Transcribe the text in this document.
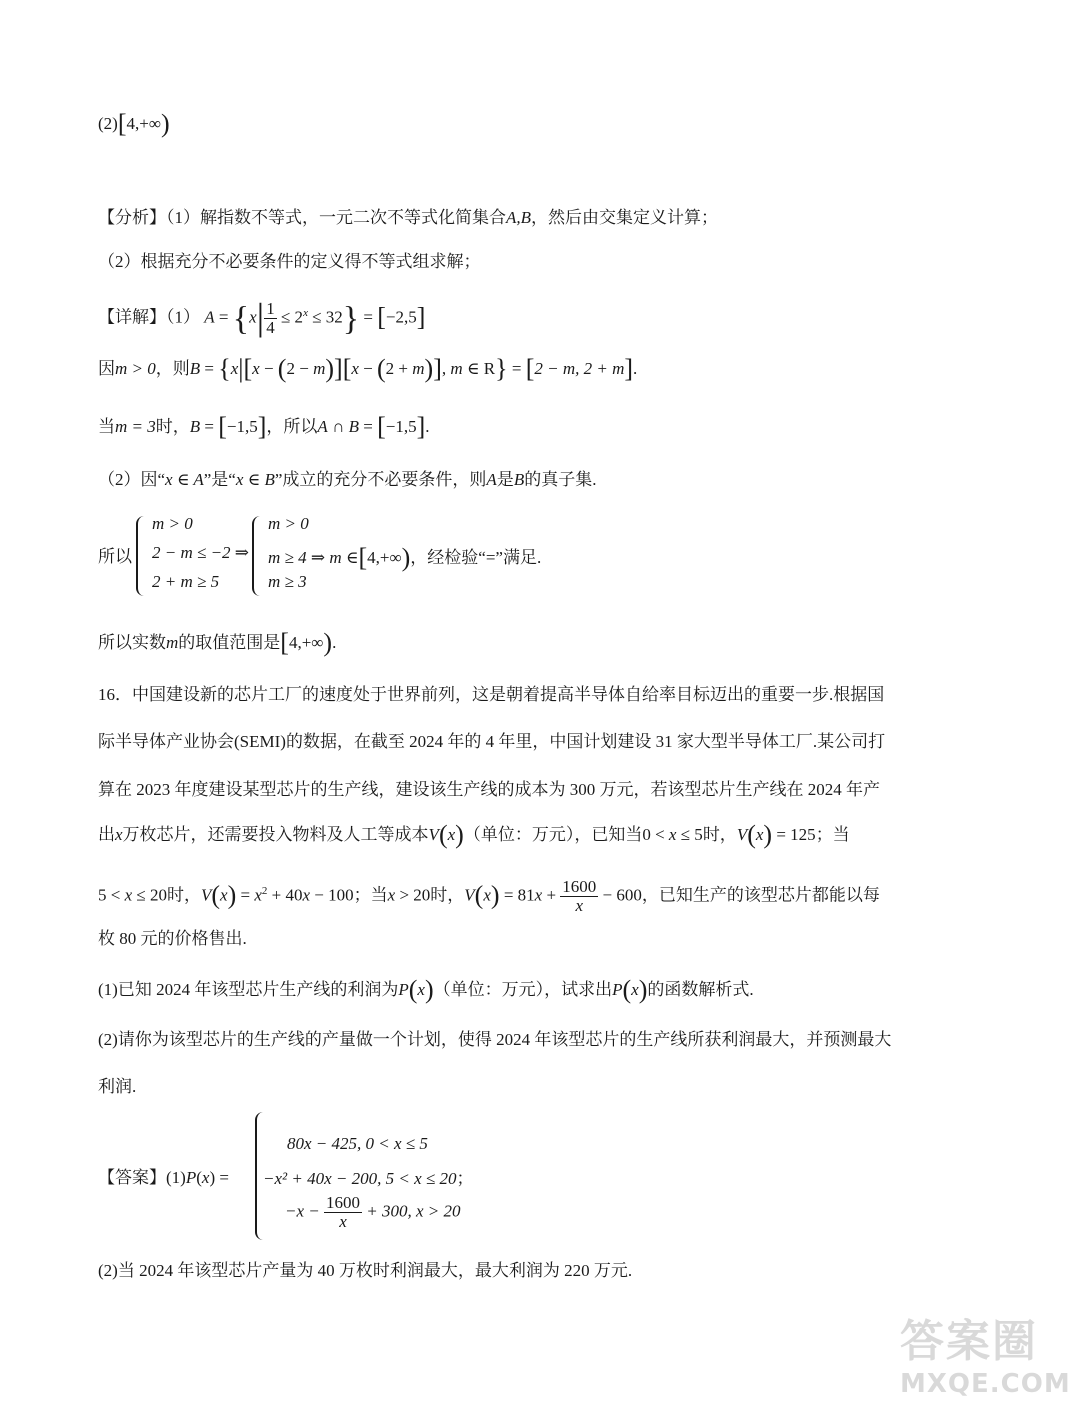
(2)[4,+∞)
【分析】（1）解指数不等式，一元二次不等式化简集合A,B，然后由交集定义计算；
（2）根据充分不必要条件的定义得不等式组求解；
【详解】（1） $A = \{x| \frac{1}{4} \le 2^x \le 32\} = [-2,5]$
因m > 0，则B = {x|[x − (2 − m)][x − (2 + m)], m ∈ R} = [2 − m, 2 + m].
当m = 3时，B = [−1,5]，所以A ∩ B = [−1,5].
（2）因“x ∈ A”是“x ∈ B”成立的充分不必要条件，则A是B的真子集.
所以
m > 0
2 − m ≤ −2 ⇒
2 + m ≥ 5
m > 0
m ≥ 4 ⇒ m ∈[4,+∞)，经检验“=”满足.
m ≥ 3
所以实数m的取值范围是[4,+∞).
16．中国建设新的芯片工厂的速度处于世界前列，这是朝着提高半导体自给率目标迈出的重要一步.根据国
际半导体产业协会(SEMI)的数据，在截至 2024 年的 4 年里，中国计划建设 31 家大型半导体工厂.某公司打
算在 2023 年度建设某型芯片的生产线，建设该生产线的成本为 300 万元，若该型芯片生产线在 2024 年产
出x万枚芯片，还需要投入物料及人工等成本V(x)（单位：万元），已知当0 < x ≤ 5时，V(x) = 125；当
5 < x ≤ 20时，$V(x) = x^2 + 40x - 100$；当x > 20时，$V(x) = 81x + \frac{1600}{x} - 600$，已知生产的该型芯片都能以每
枚 80 元的价格售出.
(1)已知 2024 年该型芯片生产线的利润为P(x)（单位：万元），试求出P(x)的函数解析式.
(2)请你为该型芯片的生产线的产量做一个计划，使得 2024 年该型芯片的生产线所获利润最大，并预测最大
利润.
【答案】(1)P(x) =
80x − 425, 0 < x ≤ 5
−x² + 40x − 200, 5 < x ≤ 20；
$-x - \frac{1600}{x} + 300$, x > 20
(2)当 2024 年该型芯片产量为 40 万枚时利润最大，最大利润为 220 万元.
答案圈
MXQE.COM
